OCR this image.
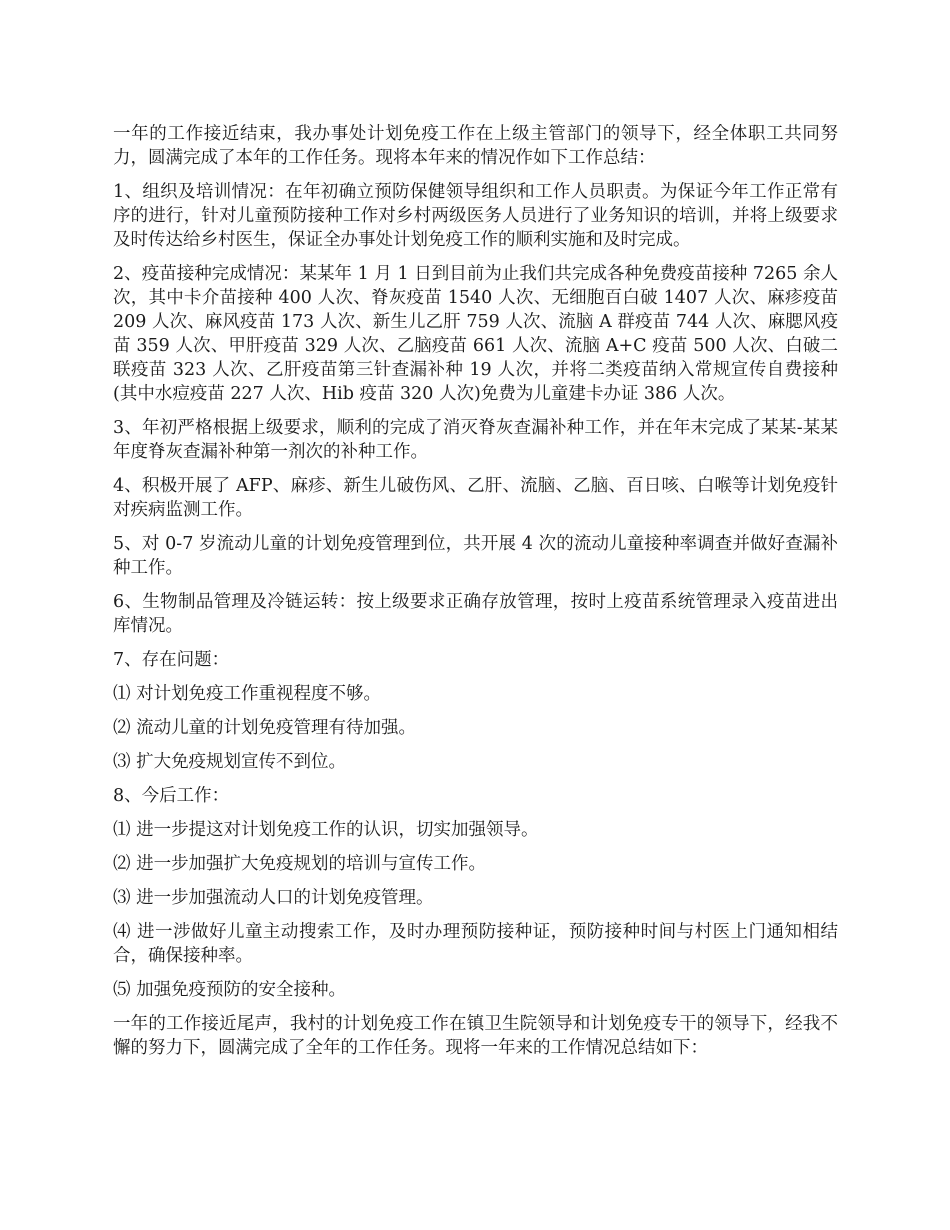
一年的工作接近结束，我办事处计划免疫工作在上级主管部门的领导下，经全体职工共同努力，圆满完成了本年的工作任务。现将本年来的情况作如下工作总结：

1、组织及培训情况：在年初确立预防保健领导组织和工作人员职责。为保证今年工作正常有序的进行，针对儿童预防接种工作对乡村两级医务人员进行了业务知识的培训，并将上级要求及时传达给乡村医生，保证全办事处计划免疫工作的顺利实施和及时完成。

2、疫苗接种完成情况：某某年 1 月 1 日到目前为止我们共完成各种免费疫苗接种 7265 余人次，其中卡介苗接种 400 人次、脊灰疫苗 1540 人次、无细胞百白破 1407 人次、麻疹疫苗 209 人次、麻风疫苗 173 人次、新生儿乙肝 759 人次、流脑 A 群疫苗 744 人次、麻腮风疫苗 359 人次、甲肝疫苗 329 人次、乙脑疫苗 661 人次、流脑 A+C 疫苗 500 人次、白破二联疫苗 323 人次、乙肝疫苗第三针查漏补种 19 人次，并将二类疫苗纳入常规宣传自费接种(其中水痘疫苗 227 人次、Hib 疫苗 320 人次)免费为儿童建卡办证 386 人次。

3、年初严格根据上级要求，顺利的完成了消灭脊灰查漏补种工作，并在年末完成了某某-某某年度脊灰查漏补种第一剂次的补种工作。

4、积极开展了 AFP、麻疹、新生儿破伤风、乙肝、流脑、乙脑、百日咳、白喉等计划免疫针对疾病监测工作。

5、对 0-7 岁流动儿童的计划免疫管理到位，共开展 4 次的流动儿童接种率调查并做好查漏补种工作。

6、生物制品管理及冷链运转：按上级要求正确存放管理，按时上疫苗系统管理录入疫苗进出库情况。

7、存在问题：

⑴ 对计划免疫工作重视程度不够。

⑵ 流动儿童的计划免疫管理有待加强。

⑶ 扩大免疫规划宣传不到位。

8、今后工作：

⑴ 进一步提这对计划免疫工作的认识，切实加强领导。

⑵ 进一步加强扩大免疫规划的培训与宣传工作。

⑶ 进一步加强流动人口的计划免疫管理。

⑷ 进一涉做好儿童主动搜索工作，及时办理预防接种证，预防接种时间与村医上门通知相结合，确保接种率。

⑸ 加强免疫预防的安全接种。

一年的工作接近尾声，我村的计划免疫工作在镇卫生院领导和计划免疫专干的领导下，经我不懈的努力下，圆满完成了全年的工作任务。现将一年来的工作情况总结如下：
